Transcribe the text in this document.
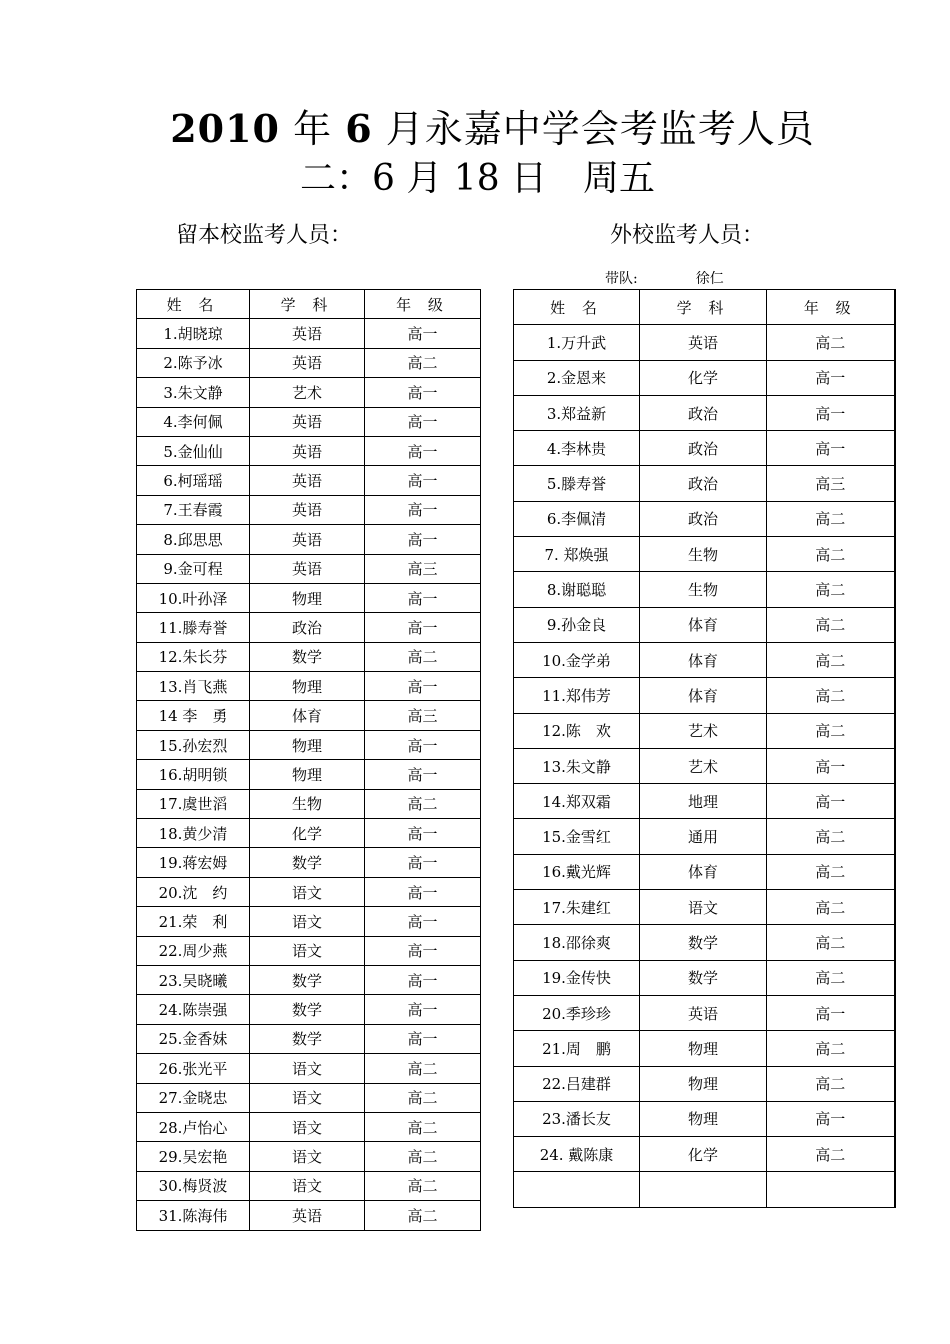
2010 年 6 月永嘉中学会考监考人员
二：6 月 18 日　周五
留本校监考人员：	外校监考人员：
带队:	徐仁
姓 名	学 科	年 级
1.胡晓琼	英语	高一
2.陈予冰	英语	高二
3.朱文静	艺术	高一
4.李何佩	英语	高一
5.金仙仙	英语	高一
6.柯瑶瑶	英语	高一
7.王春霞	英语	高一
8.邱思思	英语	高一
9.金可程	英语	高三
10.叶孙泽	物理	高一
11.滕寿誉	政治	高一
12.朱长芬	数学	高二
13.肖飞燕	物理	高一
14 李　勇	体育	高三
15.孙宏烈	物理	高一
16.胡明锁	物理	高一
17.虞世滔	生物	高二
18.黄少清	化学	高一
19.蒋宏姆	数学	高一
20.沈　约	语文	高一
21.荣　利	语文	高一
22.周少燕	语文	高一
23.吴晓曦	数学	高一
24.陈崇强	数学	高一
25.金香妹	数学	高一
26.张光平	语文	高二
27.金晓忠	语文	高二
28.卢怡心	语文	高二
29.吴宏艳	语文	高二
30.梅贤波	语文	高二
31.陈海伟	英语	高二
姓 名	学 科	年 级
1.万升武	英语	高二
2.金恩来	化学	高一
3.郑益新	政治	高一
4.李林贵	政治	高一
5.滕寿誉	政治	高三
6.李佩清	政治	高二
7. 郑焕强	生物	高二
8.谢聪聪	生物	高二
9.孙金良	体育	高二
10.金学弟	体育	高二
11.郑伟芳	体育	高二
12.陈　欢	艺术	高二
13.朱文静	艺术	高一
14.郑双霜	地理	高一
15.金雪红	通用	高二
16.戴光辉	体育	高二
17.朱建红	语文	高二
18.邵徐爽	数学	高二
19.金传快	数学	高二
20.季珍珍	英语	高一
21.周　鹏	物理	高二
22.吕建群	物理	高二
23.潘长友	物理	高一
24. 戴陈康	化学	高二
